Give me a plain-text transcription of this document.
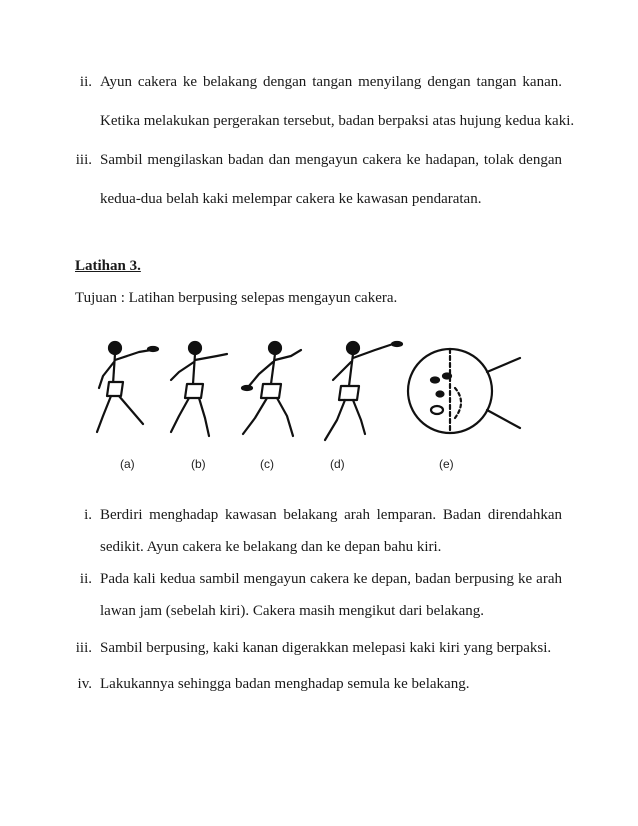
ii. Ayun cakera ke belakang dengan tangan menyilang dengan tangan kanan.
Ketika melakukan pergerakan tersebut, badan berpaksi atas hujung kedua kaki.
iii. Sambil mengilaskan badan dan mengayun cakera ke hadapan, tolak dengan
kedua-dua belah kaki melempar cakera ke kawasan pendaratan.
Latihan 3.
Tujuan : Latihan berpusing selepas mengayun cakera.
(a)	(b)	(c)	(d)	(e)
i. Berdiri menghadap kawasan belakang arah lemparan. Badan direndahkan
sedikit. Ayun cakera ke belakang dan ke depan bahu kiri.
ii. Pada kali kedua sambil mengayun cakera ke depan, badan berpusing ke arah
lawan jam (sebelah kiri). Cakera masih mengikut dari belakang.
iii. Sambil berpusing, kaki kanan digerakkan melepasi kaki kiri yang berpaksi.
iv. Lakukannya sehingga badan menghadap semula ke belakang.
